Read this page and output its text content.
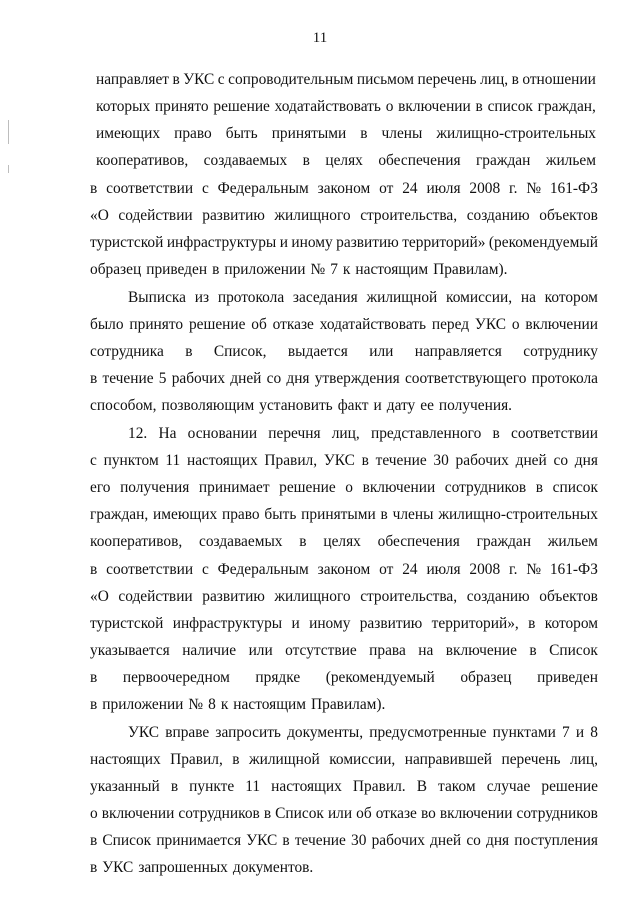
11
направляет в УКС с сопроводительным письмом перечень лиц, в отношении
которых принято решение ходатайствовать о включении в список граждан,
имеющих право быть принятыми в члены жилищно-строительных
кооперативов, создаваемых в целях обеспечения граждан жильем
в соответствии с Федеральным законом от 24 июля 2008 г. № 161-ФЗ
«О содействии развитию жилищного строительства, созданию объектов
туристской инфраструктуры и иному развитию территорий» (рекомендуемый
образец приведен в приложении № 7 к настоящим Правилам).
Выписка из протокола заседания жилищной комиссии, на котором
было принято решение об отказе ходатайствовать перед УКС о включении
сотрудника в Список, выдается или направляется сотруднику
в течение 5 рабочих дней со дня утверждения соответствующего протокола
способом, позволяющим установить факт и дату ее получения.
12. На основании перечня лиц, представленного в соответствии
с пунктом 11 настоящих Правил, УКС в течение 30 рабочих дней со дня
его получения принимает решение о включении сотрудников в список
граждан, имеющих право быть принятыми в члены жилищно-строительных
кооперативов, создаваемых в целях обеспечения граждан жильем
в соответствии с Федеральным законом от 24 июля 2008 г. № 161-ФЗ
«О содействии развитию жилищного строительства, созданию объектов
туристской инфраструктуры и иному развитию территорий», в котором
указывается наличие или отсутствие права на включение в Список
в первоочередном прядке (рекомендуемый образец приведен
в приложении № 8 к настоящим Правилам).
УКС вправе запросить документы, предусмотренные пунктами 7 и 8
настоящих Правил, в жилищной комиссии, направившей перечень лиц,
указанный в пункте 11 настоящих Правил. В таком случае решение
о включении сотрудников в Список или об отказе во включении сотрудников
в Список принимается УКС в течение 30 рабочих дней со дня поступления
в УКС запрошенных документов.
